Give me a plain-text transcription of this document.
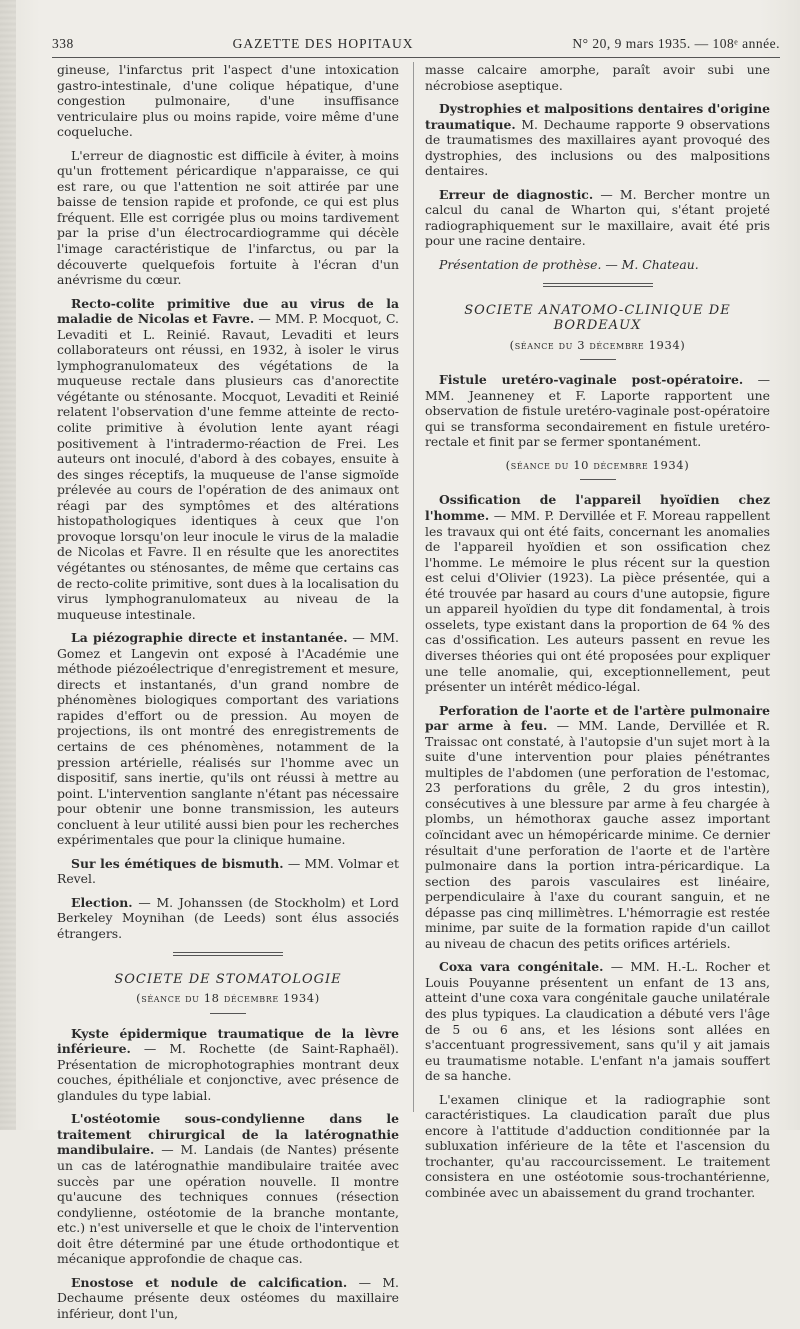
338	GAZETTE DES HOPITAUX	N° 20, 9 mars 1935. — 108ᵉ année.

gineuse, l'infarctus prit l'aspect d'une intoxication gastro-intestinale, d'une colique hépatique, d'une congestion pulmonaire, d'une insuffisance ventriculaire plus ou moins rapide, voire même d'une coqueluche.

L'erreur de diagnostic est difficile à éviter, à moins qu'un frottement péricardique n'apparaisse, ce qui est rare, ou que l'attention ne soit attirée par une baisse de tension rapide et profonde, ce qui est plus fréquent. Elle est corrigée plus ou moins tardivement par la prise d'un électrocardiogramme qui décèle l'image caractéristique de l'infarctus, ou par la découverte quelquefois fortuite à l'écran d'un anévrisme du cœur.

Recto-colite primitive due au virus de la maladie de Nicolas et Favre. — MM. P. Mocquot, C. Levaditi et L. Reinié. Ravaut, Levaditi et leurs collaborateurs ont réussi, en 1932, à isoler le virus lymphogranulomateux des végétations de la muqueuse rectale dans plusieurs cas d'anorectite végétante ou sténosante. Mocquot, Levaditi et Reinié relatent l'observation d'une femme atteinte de recto-colite primitive à évolution lente ayant réagi positivement à l'intradermo-réaction de Frei. Les auteurs ont inoculé, d'abord à des cobayes, ensuite à des singes réceptifs, la muqueuse de l'anse sigmoïde prélevée au cours de l'opération de des animaux ont réagi par des symptômes et des altérations histopathologiques identiques à ceux que l'on provoque lorsqu'on leur inocule le virus de la maladie de Nicolas et Favre. Il en résulte que les anorectites végétantes ou sténosantes, de même que certains cas de recto-colite primitive, sont dues à la localisation du virus lymphogranulomateux au niveau de la muqueuse intestinale.

La piézographie directe et instantanée. — MM. Gomez et Langevin ont exposé à l'Académie une méthode piézoélectrique d'enregistrement et mesure, directs et instantanés, d'un grand nombre de phénomènes biologiques comportant des variations rapides d'effort ou de pression. Au moyen de projections, ils ont montré des enregistrements de certains de ces phénomènes, notamment de la pression artérielle, réalisés sur l'homme avec un dispositif, sans inertie, qu'ils ont réussi à mettre au point. L'intervention sanglante n'étant pas nécessaire pour obtenir une bonne transmission, les auteurs concluent à leur utilité aussi bien pour les recherches expérimentales que pour la clinique humaine.

Sur les émétiques de bismuth. — MM. Volmar et Revel.

Election. — M. Johanssen (de Stockholm) et Lord Berkeley Moynihan (de Leeds) sont élus associés étrangers.

SOCIETE DE STOMATOLOGIE
(séance du 18 décembre 1934)

Kyste épidermique traumatique de la lèvre inférieure. — M. Rochette (de Saint-Raphaël). Présentation de microphotographies montrant deux couches, épithéliale et conjonctive, avec présence de glandules du type labial.

L'ostéotomie sous-condylienne dans le traitement chirurgical de la latérognathie mandibulaire. — M. Landais (de Nantes) présente un cas de latérognathie mandibulaire traitée avec succès par une opération nouvelle. Il montre qu'aucune des techniques connues (résection condylienne, ostéotomie de la branche montante, etc.) n'est universelle et que le choix de l'intervention doit être déterminé par une étude orthodontique et mécanique approfondie de chaque cas.

Enostose et nodule de calcification. — M. Dechaume présente deux ostéomes du maxillaire inférieur, dont l'un,

masse calcaire amorphe, paraît avoir subi une nécrobiose aseptique.

Dystrophies et malpositions dentaires d'origine traumatique. M. Dechaume rapporte 9 observations de traumatismes des maxillaires ayant provoqué des dystrophies, des inclusions ou des malpositions dentaires.

Erreur de diagnostic. — M. Bercher montre un calcul du canal de Wharton qui, s'étant projeté radiographiquement sur le maxillaire, avait été pris pour une racine dentaire.

Présentation de prothèse. — M. Chateau.

SOCIETE ANATOMO-CLINIQUE DE BORDEAUX
(séance du 3 décembre 1934)

Fistule uretéro-vaginale post-opératoire. — MM. Jeanneney et F. Laporte rapportent une observation de fistule uretéro-vaginale post-opératoire qui se transforma secondairement en fistule uretéro-rectale et finit par se fermer spontanément.

(séance du 10 décembre 1934)

Ossification de l'appareil hyoïdien chez l'homme. — MM. P. Dervillée et F. Moreau rappellent les travaux qui ont été faits, concernant les anomalies de l'appareil hyoïdien et son ossification chez l'homme. Le mémoire le plus récent sur la question est celui d'Olivier (1923). La pièce présentée, qui a été trouvée par hasard au cours d'une autopsie, figure un appareil hyoïdien du type dit fondamental, à trois osselets, type existant dans la proportion de 64 % des cas d'ossification. Les auteurs passent en revue les diverses théories qui ont été proposées pour expliquer une telle anomalie, qui, exceptionnellement, peut présenter un intérêt médico-légal.

Perforation de l'aorte et de l'artère pulmonaire par arme à feu. — MM. Lande, Dervillée et R. Traissac ont constaté, à l'autopsie d'un sujet mort à la suite d'une intervention pour plaies pénétrantes multiples de l'abdomen (une perforation de l'estomac, 23 perforations du grêle, 2 du gros intestin), consécutives à une blessure par arme à feu chargée à plombs, un hémothorax gauche assez important coïncidant avec un hémopéricarde minime. Ce dernier résultait d'une perforation de l'aorte et de l'artère pulmonaire dans la portion intra-péricardique. La section des parois vasculaires est linéaire, perpendiculaire à l'axe du courant sanguin, et ne dépasse pas cinq millimètres. L'hémorragie est restée minime, par suite de la formation rapide d'un caillot au niveau de chacun des petits orifices artériels.

Coxa vara congénitale. — MM. H.-L. Rocher et Louis Pouyanne présentent un enfant de 13 ans, atteint d'une coxa vara congénitale gauche unilatérale des plus typiques. La claudication a débuté vers l'âge de 5 ou 6 ans, et les lésions sont allées en s'accentuant progressivement, sans qu'il y ait jamais eu traumatisme notable. L'enfant n'a jamais souffert de sa hanche.

L'examen clinique et la radiographie sont caractéristiques. La claudication paraît due plus encore à l'attitude d'adduction conditionnée par la subluxation inférieure de la tête et l'ascension du trochanter, qu'au raccourcissement. Le traitement consistera en une ostéotomie sous-trochantérienne, combinée avec un abaissement du grand trochanter.
